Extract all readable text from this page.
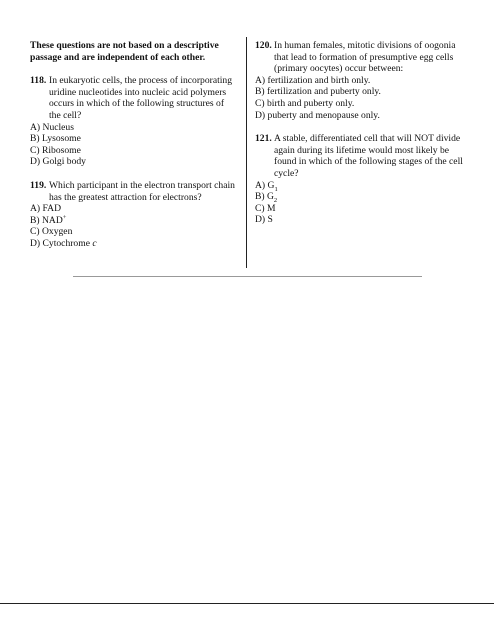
These questions are not based on a descriptive passage and are independent of each other.
118. In eukaryotic cells, the process of incorporating uridine nucleotides into nucleic acid polymers occurs in which of the following structures of the cell?
A) Nucleus
B) Lysosome
C) Ribosome
D) Golgi body
119. Which participant in the electron transport chain has the greatest attraction for electrons?
A) FAD
B) NAD+
C) Oxygen
D) Cytochrome c
120. In human females, mitotic divisions of oogonia that lead to formation of presumptive egg cells (primary oocytes) occur between:
A) fertilization and birth only.
B) fertilization and puberty only.
C) birth and puberty only.
D) puberty and menopause only.
121. A stable, differentiated cell that will NOT divide again during its lifetime would most likely be found in which of the following stages of the cell cycle?
A) $G_1$
B) $G_2$
C) M
D) S
